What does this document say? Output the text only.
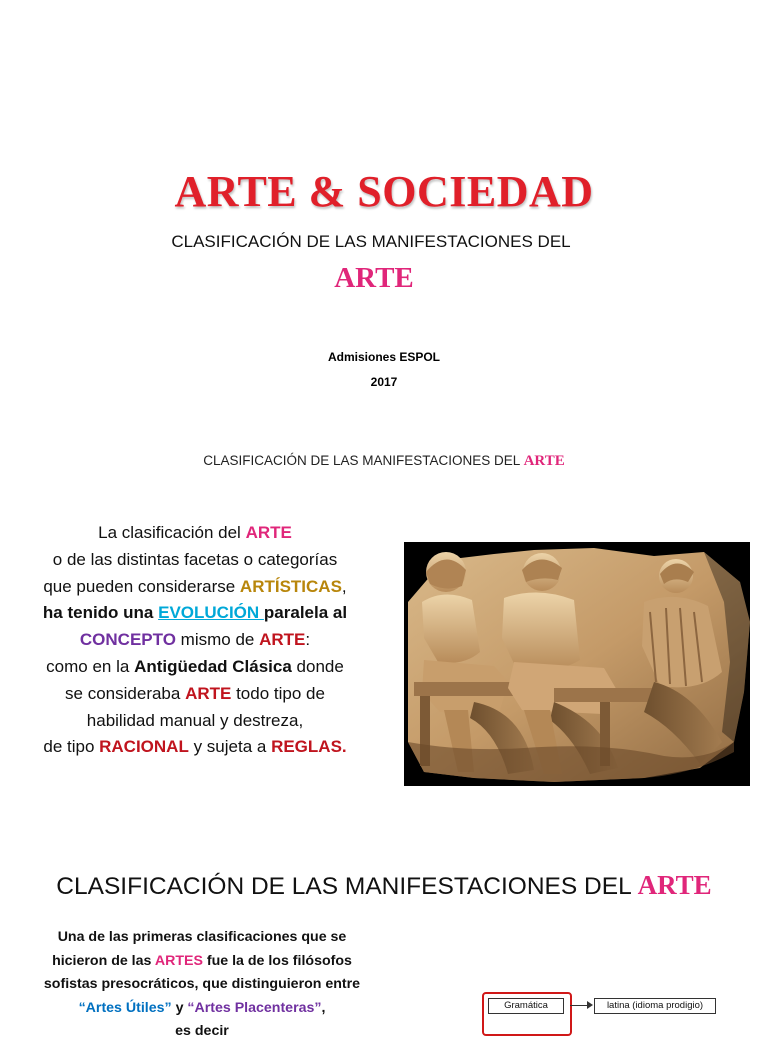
ARTE & SOCIEDAD
CLASIFICACIÓN DE LAS MANIFESTACIONES DEL
ARTE
Admisiones ESPOL
2017
CLASIFICACIÓN DE LAS MANIFESTACIONES DEL ARTE
La clasificación del ARTE
o de las distintas facetas o categorías
que pueden considerarse ARTÍSTICAS,
ha tenido una EVOLUCIÓN paralela al
CONCEPTO mismo de ARTE:
como en la Antigüedad Clásica donde
se consideraba ARTE todo tipo de
habilidad manual y destreza,
de tipo RACIONAL y sujeta a REGLAS.
CLASIFICACIÓN DE LAS MANIFESTACIONES DEL ARTE
Una de las primeras clasificaciones que se
hicieron de las ARTES fue la de los filósofos
sofistas presocráticos, que distinguieron entre
“Artes Útiles” y “Artes Placenteras”,
es decir
Gramática	latina (idioma prodigio)
